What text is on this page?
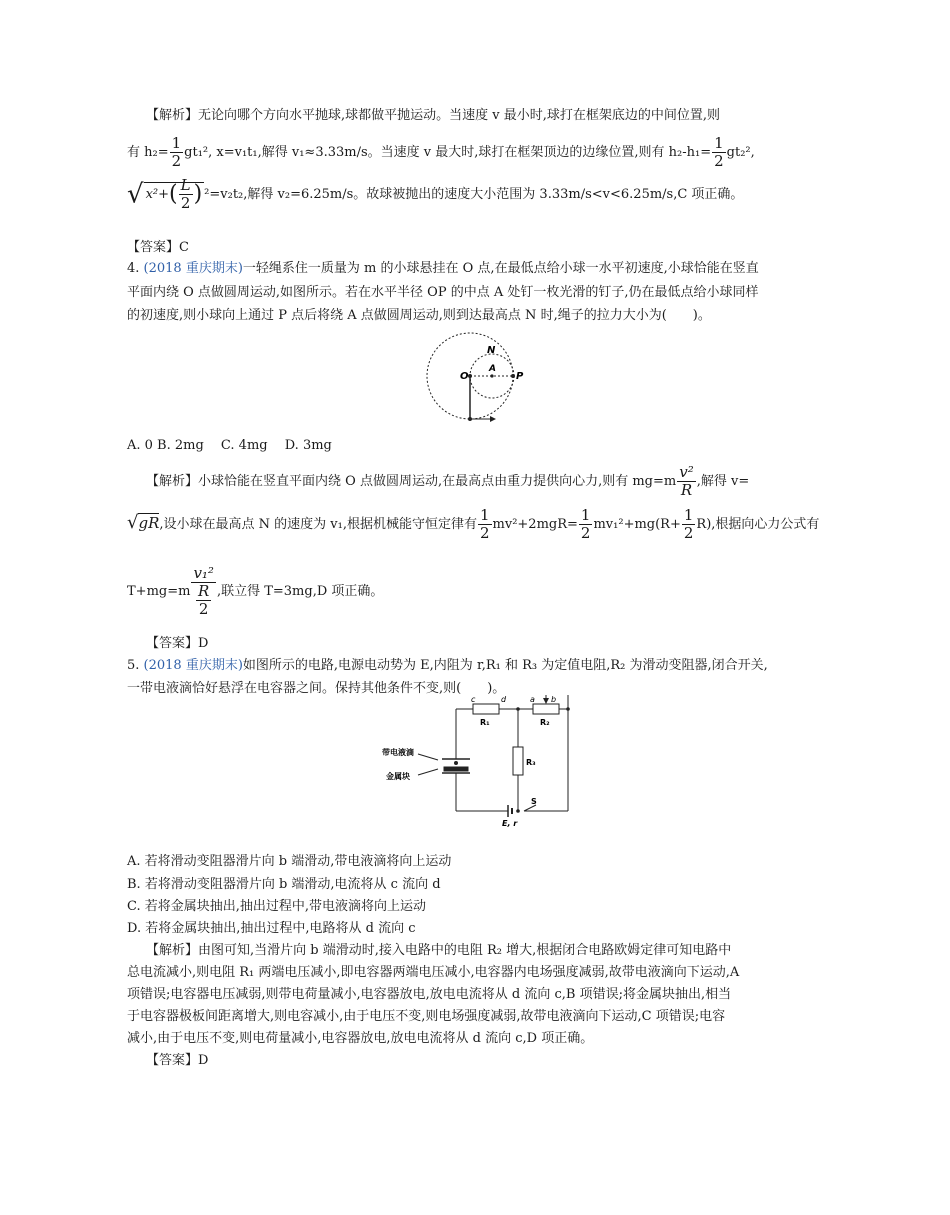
【解析】无论向哪个方向水平抛球,球都做平抛运动。当速度 v 最小时,球打在框架底边的中间位置,则
有 $h_2= \frac{1}{2} gt_1^2$, x=v₁t₁,解得 v₁≈3.33m/s。当速度 v 最大时,球打在框架顶边的边缘位置,则有 $h_2-h_1= \frac{1}{2} gt_2^2$,
√ $x^2+( \frac{L}{2}$ ) ²=v₂t₂,解得 v₂=6.25m/s。故球被抛出的速度大小范围为 3.33m/s<v<6.25m/s,C 项正确。
【答案】C
4. (2018 重庆期末)一轻绳系住一质量为 m 的小球悬挂在 O 点,在最低点给小球一水平初速度,小球恰能在竖直
平面内绕 O 点做圆周运动,如图所示。若在水平半径 OP 的中点 A 处钉一枚光滑的钉子,仍在最低点给小球同样
的初速度,则小球向上通过 P 点后将绕 A 点做圆周运动,则到达最高点 N 时,绳子的拉力大小为(　　)。
N
O
A
P
A. 0 B. 2mg　 C. 4mg　 D. 3mg
【解析】小球恰能在竖直平面内绕 O 点做圆周运动,在最高点由重力提供向心力,则有 $mg=m \frac{\text{v²}}{R}$ ,解得 v=
√gR,设小球在最高点 N 的速度为 v₁,根据机械能守恒定律有 $\frac{1}{2} mv^2+2mgR= \frac{1}{2} mv_1^2+mg(R+ \frac{1}{2} R)$,根据向心力公式有
$T+mg=m \frac{\text{v₁²}}{\frac{R}{2}}$ ,联立得 T=3mg,D 项正确。
【答案】D
5. (2018 重庆期末)如图所示的电路,电源电动势为 E,内阻为 r,R₁ 和 R₃ 为定值电阻,R₂ 为滑动变阻器,闭合开关,
一带电液滴恰好悬浮在电容器之间。保持其他条件不变,则(　　)。
c	d	a b
R₁	R₂
R₃
带电液滴
金属块
S
E, r
A. 若将滑动变阻器滑片向 b 端滑动,带电液滴将向上运动
B. 若将滑动变阻器滑片向 b 端滑动,电流将从 c 流向 d
C. 若将金属块抽出,抽出过程中,带电液滴将向上运动
D. 若将金属块抽出,抽出过程中,电路将从 d 流向 c
【解析】由图可知,当滑片向 b 端滑动时,接入电路中的电阻 R₂ 增大,根据闭合电路欧姆定律可知电路中
总电流减小,则电阻 R₁ 两端电压减小,即电容器两端电压减小,电容器内电场强度减弱,故带电液滴向下运动,A
项错误;电容器电压减弱,则带电荷量减小,电容器放电,放电电流将从 d 流向 c,B 项错误;将金属块抽出,相当
于电容器极板间距离增大,则电容减小,由于电压不变,则电场强度减弱,故带电液滴向下运动,C 项错误;电容
减小,由于电压不变,则电荷量减小,电容器放电,放电电流将从 d 流向 c,D 项正确。
【答案】D
